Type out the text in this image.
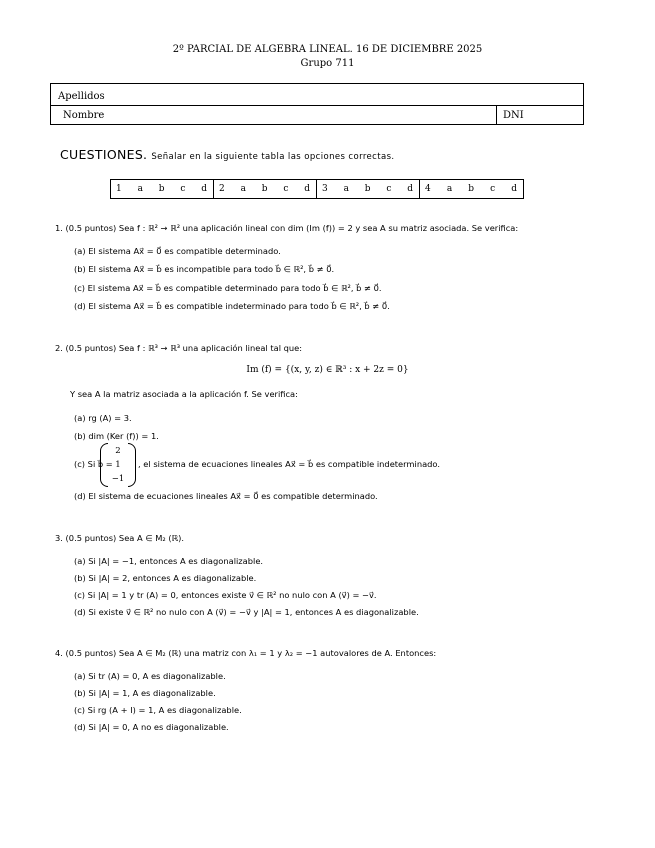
2º PARCIAL DE ALGEBRA LINEAL. 16 DE DICIEMBRE 2025
Grupo 711
Apellidos
Nombre	DNI
CUESTIONES. Señalar en la siguiente tabla las opciones correctas.
1 a b c d 2 a b c d 3 a b c d 4 a b c d
1. (0.5 puntos) Sea f : ℝ² → ℝ² una aplicación lineal con dim (Im (f)) = 2 y sea A su matriz asociada. Se verifica:
(a) El sistema Ax⃗ = 0⃗ es compatible determinado.
(b) El sistema Ax⃗ = b⃗ es incompatible para todo b⃗ ∈ ℝ², b⃗ ≠ 0⃗.
(c) El sistema Ax⃗ = b⃗ es compatible determinado para todo b⃗ ∈ ℝ², b⃗ ≠ 0⃗.
(d) El sistema Ax⃗ = b⃗ es compatible indeterminado para todo b⃗ ∈ ℝ², b⃗ ≠ 0⃗.
2. (0.5 puntos) Sea f : ℝ³ → ℝ³ una aplicación lineal tal que:
Im (f) = {(x, y, z) ∈ ℝ³ : x + 2z = 0}
Y sea A la matriz asociada a la aplicación f. Se verifica:
(a) rg (A) = 3.
(b) dim (Ker (f)) = 1.
(c) Si b⃗ =
2
1
−1
, el sistema de ecuaciones lineales Ax⃗ = b⃗ es compatible indeterminado.
(d) El sistema de ecuaciones lineales Ax⃗ = 0⃗ es compatible determinado.
3. (0.5 puntos) Sea A ∈ M₂ (ℝ).
(a) Si |A| = −1, entonces A es diagonalizable.
(b) Si |A| = 2, entonces A es diagonalizable.
(c) Si |A| = 1 y tr (A) = 0, entonces existe v⃗ ∈ ℝ² no nulo con A (v⃗) = −v⃗.
(d) Si existe v⃗ ∈ ℝ² no nulo con A (v⃗) = −v⃗ y |A| = 1, entonces A es diagonalizable.
4. (0.5 puntos) Sea A ∈ M₂ (ℝ) una matriz con λ₁ = 1 y λ₂ = −1 autovalores de A. Entonces:
(a) Si tr (A) = 0, A es diagonalizable.
(b) Si |A| = 1, A es diagonalizable.
(c) Si rg (A + I) = 1, A es diagonalizable.
(d) Si |A| = 0, A no es diagonalizable.
